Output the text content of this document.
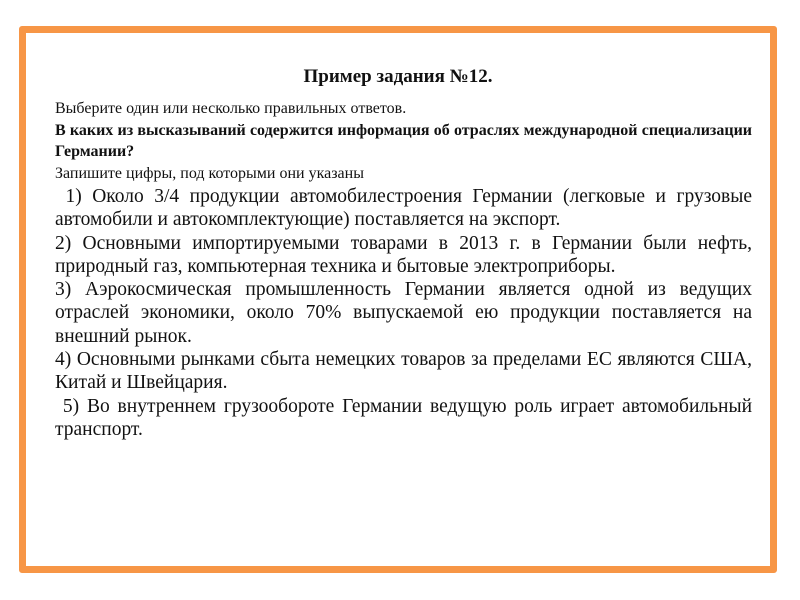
Пример задания №12.

Выберите один или несколько правильных ответов.

В каких из высказываний содержится информация об отраслях международной специализации Германии?

Запишите цифры, под которыми они указаны

1) Около 3/4 продукции автомобилестроения Германии (легковые и грузовые автомобили и автокомплектующие) поставляется на экспорт.

2) Основными импортируемыми товарами в 2013 г. в Германии были нефть, природный газ, компьютерная техника и бытовые электроприборы.

3) Аэрокосмическая промышленность Германии является одной из ведущих отраслей экономики, около 70% выпускаемой ею продукции поставляется на внешний рынок.

4) Основными рынками сбыта немецких товаров за пределами ЕС являются США, Китай и Швейцария.

5) Во внутреннем грузообороте Германии ведущую роль играет автомобильный транспорт.
